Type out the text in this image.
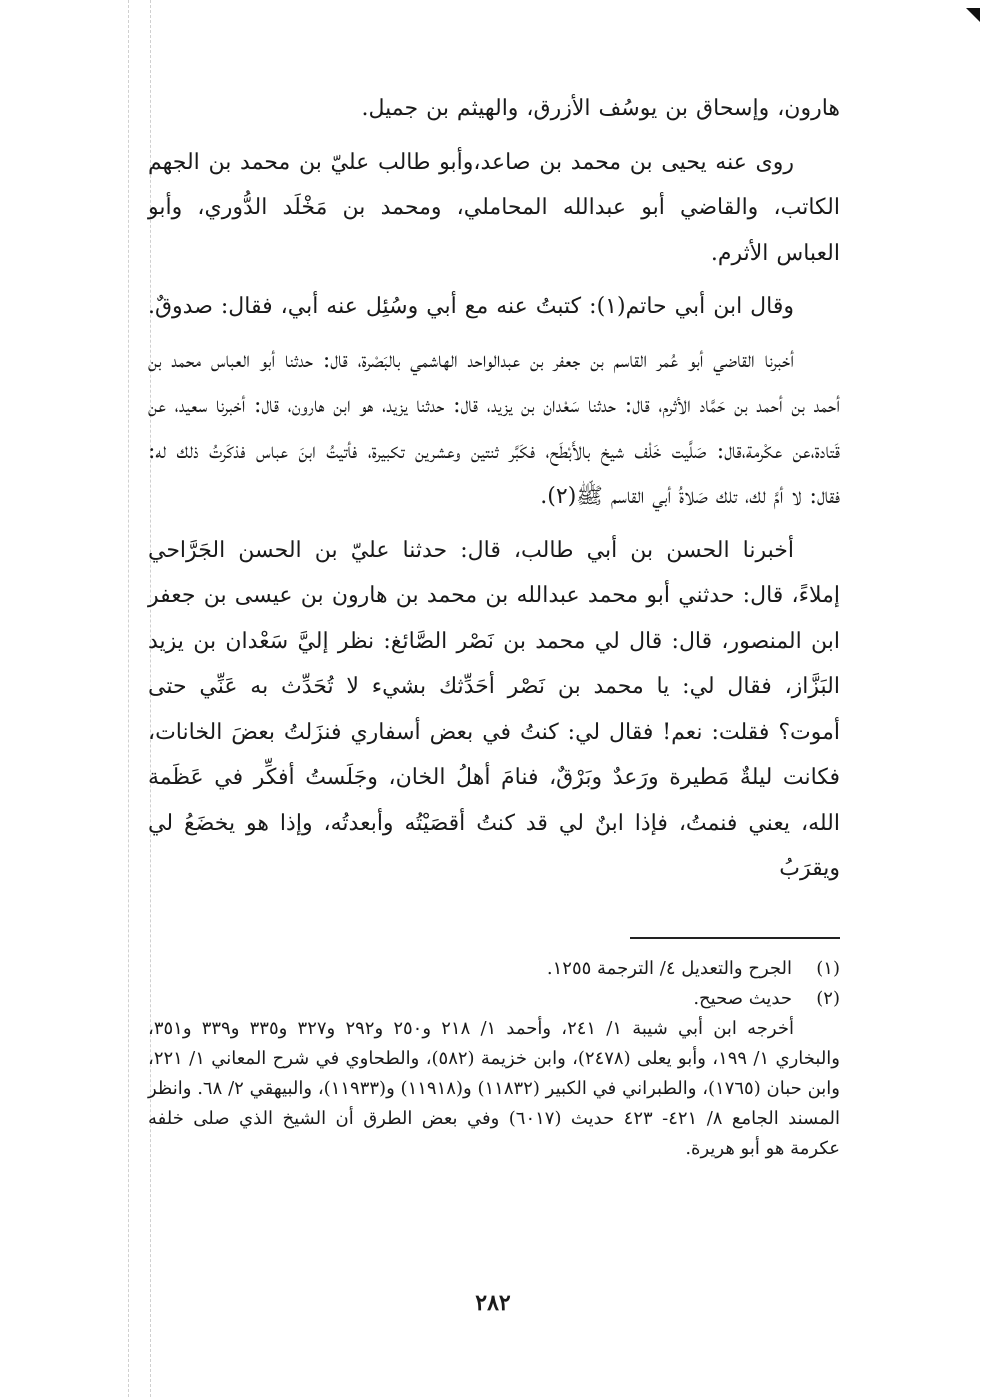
هارون، وإسحاق بن يوسُف الأزرق، والهيثم بن جميل.

روى عنه يحيى بن محمد بن صاعد،وأبو طالب عليّ بن محمد بن الجهم الكاتب، والقاضي أبو عبدالله المحاملي، ومحمد بن مَخْلَد الدُّوري، وأبو العباس الأثرم.

وقال ابن أبي حاتم(١): كتبتُ عنه مع أبي وسُئِل عنه أبي، فقال: صدوقٌ.

أخبرنا القاضي أبو عُمر القاسم بن جعفر بن عبدالواحد الهاشمي بالبَصْرة، قال: حدثنا أبو العباس محمد بن أحمد بن أحمد بن حَمَّاد الأثرم، قال: حدثنا سَعْدان بن يزيد، قال: حدثنا يزيد، هو ابن هارون، قال: أخبرنا سعيد، عن قَتادة،عن عكْرمة،قال: صَلَّيت خَلْف شيخ بالأَبْطَح، فكَبَّر ثنتين وعشرين تكبيرة، فأتيتُ ابنَ عباس فذكَرتُ ذلك له: فقال: لا أمَّ لك، تلك صَلاةُ أبي القاسم ﷺ(٢).

أخبرنا الحسن بن أبي طالب، قال: حدثنا عليّ بن الحسن الجَرَّاحي إملاءً، قال: حدثني أبو محمد عبدالله بن محمد بن هارون بن عيسى بن جعفر ابن المنصور، قال: قال لي محمد بن نَصْر الصَّائغ: نظر إليَّ سَعْدان بن يزيد البَزَّاز، فقال لي: يا محمد بن نَصْر أحَدِّثك بشيء لا تُحَدِّث به عَنِّي حتى أموت؟ فقلت: نعم! فقال لي: كنتُ في بعض أسفاري فنزَلتُ بعضَ الخانات، فكانت ليلةٌ مَطيرة ورَعدٌ وبَرْقٌ، فنامَ أهلُ الخان، وجَلَستُ أفكِّر في عَظَمة الله، يعني فنمتُ، فإذا ابنٌ لي قد كنتُ أقصَيْتُه وأبعدتُه، وإذا هو يخضَعُ لي ويقرَبُ

(١)
الجرح والتعديل ٤/ الترجمة ١٢٥٥.
(٢)
حديث صحيح.

أخرجه ابن أبي شيبة ١/ ٢٤١، وأحمد ١/ ٢١٨ و٢٥٠ و٢٩٢ و٣٢٧ و٣٣٥ و٣٣٩ و٣٥١، والبخاري ١/ ١٩٩، وأبو يعلى (٢٤٧٨)، وابن خزيمة (٥٨٢)، والطحاوي في شرح المعاني ١/ ٢٢١، وابن حبان (١٧٦٥)، والطبراني في الكبير (١١٨٣٢) و(١١٩١٨) و(١١٩٣٣)، والبيهقي ٢/ ٦٨. وانظر المسند الجامع ٨/ ٤٢١- ٤٢٣ حديث (٦٠١٧) وفي بعض الطرق أن الشيخ الذي صلى خلفه عكرمة هو أبو هريرة.

٢٨٢
